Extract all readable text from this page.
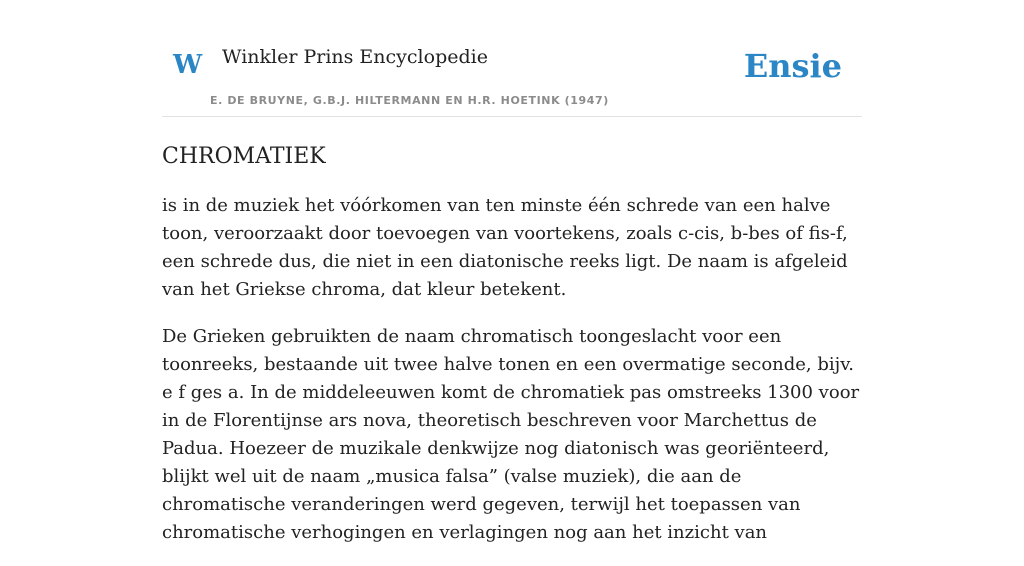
W Winkler Prins Encyclopedie
E. DE BRUYNE, G.B.J. HILTERMANN EN H.R. HOETINK (1947)
Ensie
CHROMATIEK

is in de muziek het vóórkomen van ten minste één schrede van een halve toon, veroorzaakt door toevoegen van voortekens, zoals c-cis, b-bes of fis-f, een schrede dus, die niet in een diatonische reeks ligt. De naam is afgeleid van het Griekse chroma, dat kleur betekent.

De Grieken gebruikten de naam chromatisch toongeslacht voor een toonreeks, bestaande uit twee halve tonen en een overmatige seconde, bijv. e f ges a. In de middeleeuwen komt de chromatiek pas omstreeks 1300 voor in de Florentijnse ars nova, theoretisch beschreven voor Marchettus de Padua. Hoezeer de muzikale denkwijze nog diatonisch was georiënteerd, blijkt wel uit de naam „musica falsa” (valse muziek), die aan de chromatische veranderingen werd gegeven, terwijl het toepassen van chromatische verhogingen en verlagingen nog aan het inzicht van
